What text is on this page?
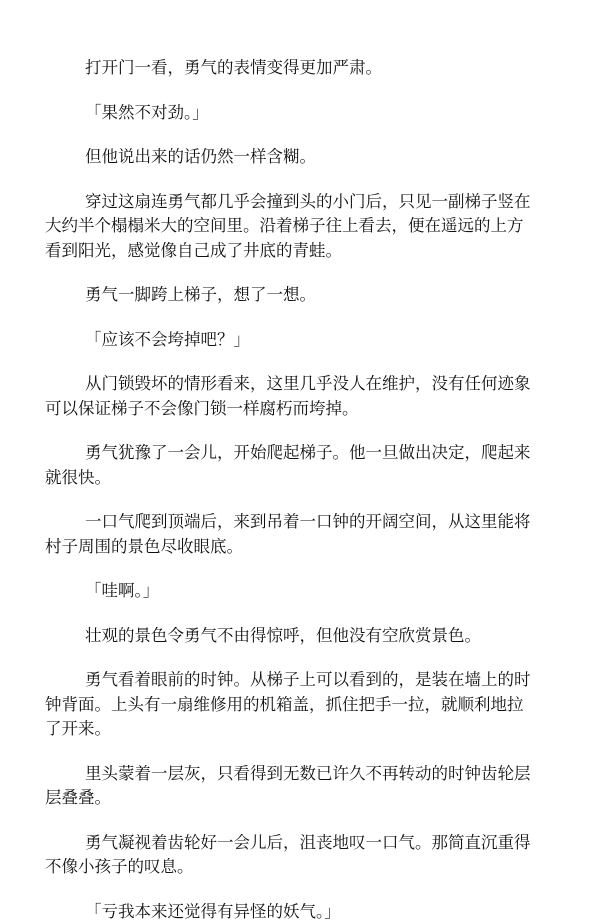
打开门一看，勇气的表情变得更加严肃。

「果然不对劲。」

但他说出来的话仍然一样含糊。

穿过这扇连勇气都几乎会撞到头的小门后，只见一副梯子竖在
大约半个榻榻米大的空间里。沿着梯子往上看去，便在遥远的上方
看到阳光，感觉像自己成了井底的青蛙。

勇气一脚跨上梯子，想了一想。

「应该不会垮掉吧？」

从门锁毁坏的情形看来，这里几乎没人在维护，没有任何迹象
可以保证梯子不会像门锁一样腐朽而垮掉。

勇气犹豫了一会儿，开始爬起梯子。他一旦做出决定，爬起来
就很快。

一口气爬到顶端后，来到吊着一口钟的开阔空间，从这里能将
村子周围的景色尽收眼底。

「哇啊。」

壮观的景色令勇气不由得惊呼，但他没有空欣赏景色。

勇气看着眼前的时钟。从梯子上可以看到的，是装在墙上的时
钟背面。上头有一扇维修用的机箱盖，抓住把手一拉，就顺利地拉
了开来。

里头蒙着一层灰，只看得到无数已许久不再转动的时钟齿轮层
层叠叠。

勇气凝视着齿轮好一会儿后，沮丧地叹一口气。那简直沉重得
不像小孩子的叹息。

「亏我本来还觉得有异怪的妖气。」
